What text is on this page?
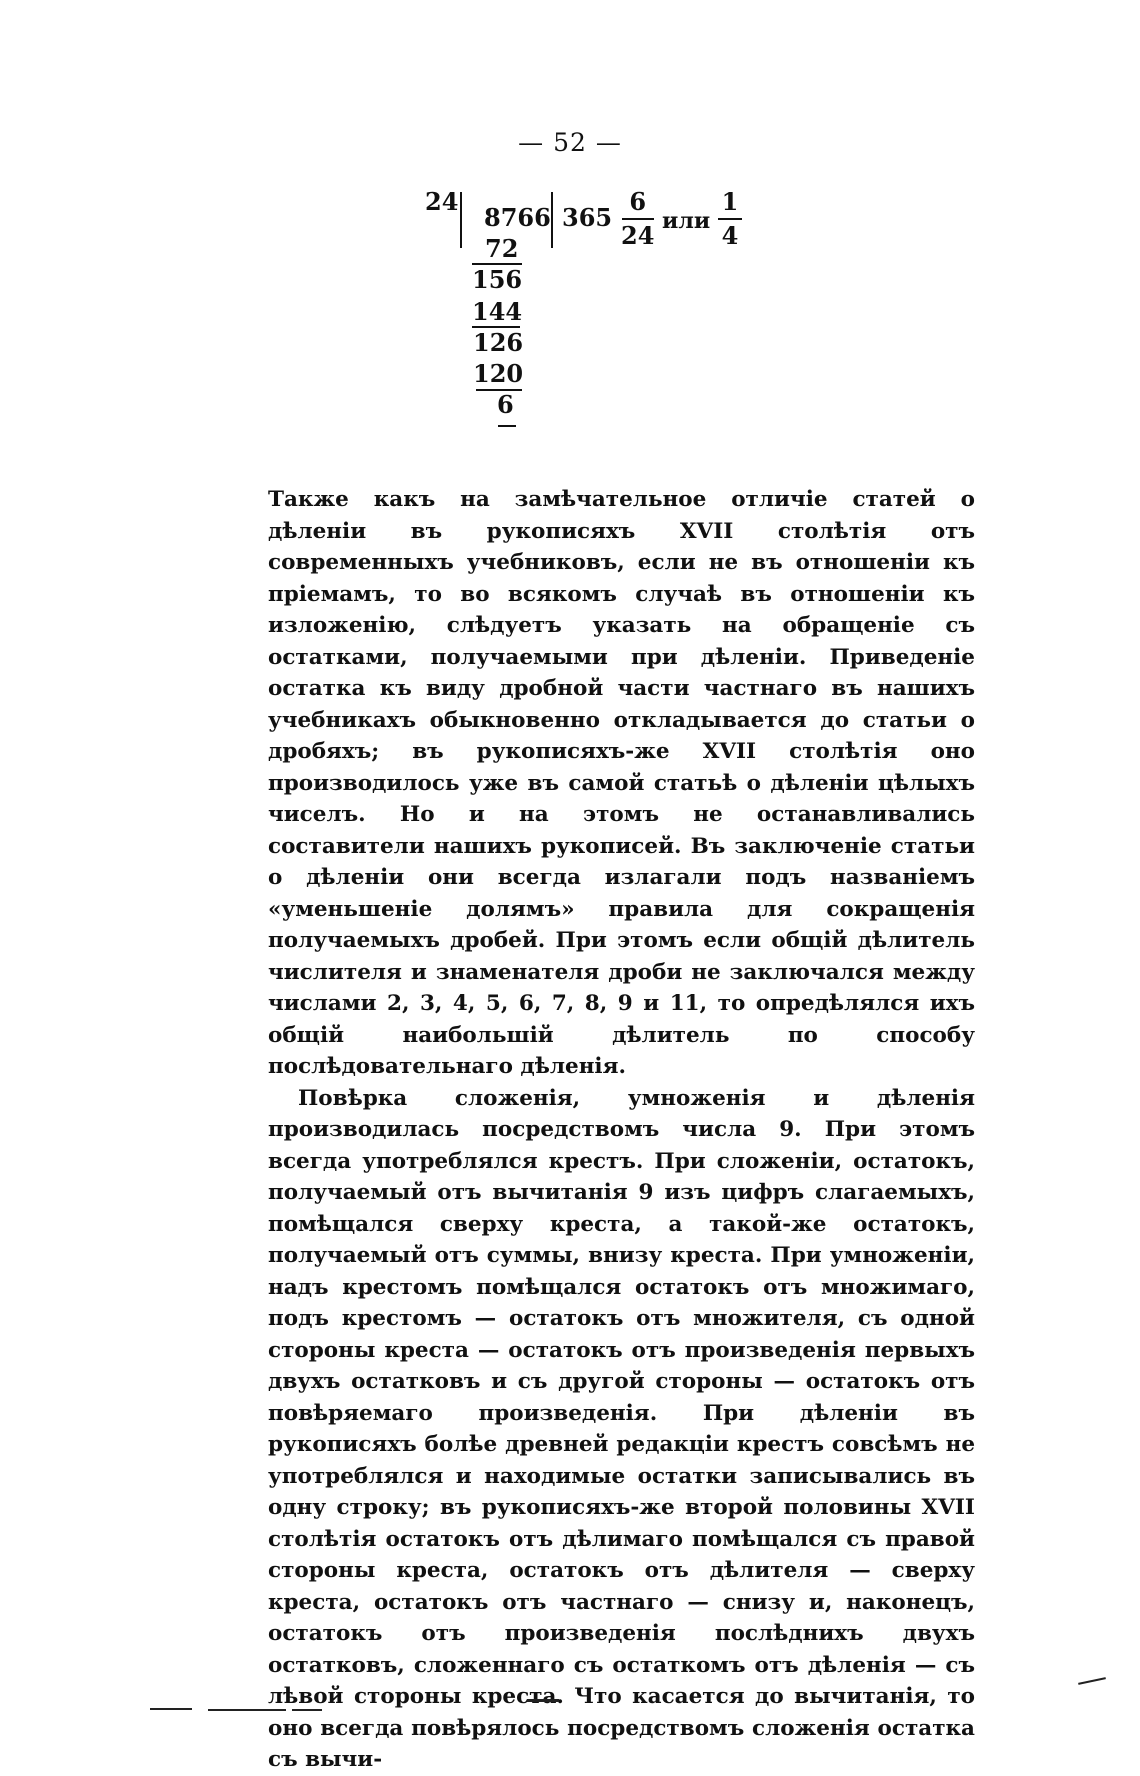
— 52 —
24
8766 365
6
24 или
1
4
72
156
144
126
120
6

Также какъ на замѣчательное отличіе статей о дѣленіи въ рукописяхъ XVII столѣтія отъ современныхъ учебниковъ, если не въ отношеніи къ пріемамъ, то во всякомъ случаѣ въ отношеніи къ изложенію, слѣдуетъ указать на обращеніе съ остатками, получаемыми при дѣленіи. Приведеніе остатка къ виду дробной части частнаго въ нашихъ учебникахъ обыкновенно откладывается до статьи о дробяхъ; въ рукописяхъ-же XVII столѣтія оно производилось уже въ самой статьѣ о дѣленіи цѣлыхъ чиселъ. Но и на этомъ не останавливались составители нашихъ рукописей. Въ заключеніе статьи о дѣленіи они всегда излагали подъ названіемъ «уменьшеніе долямъ» правила для сокращенія получаемыхъ дробей. При этомъ если общій дѣлитель числителя и знаменателя дроби не заключался между числами 2, 3, 4, 5, 6, 7, 8, 9 и 11, то опредѣлялся ихъ общій наибольшій дѣлитель по способу послѣдовательнаго дѣленія.

Повѣрка сложенія, умноженія и дѣленія производилась посредствомъ числа 9. При этомъ всегда употреблялся крестъ. При сложеніи, остатокъ, получаемый отъ вычитанія 9 изъ цифръ слагаемыхъ, помѣщался сверху креста, а такой-же остатокъ, получаемый отъ суммы, внизу креста. При умноженіи, надъ крестомъ помѣщался остатокъ отъ множимаго, подъ крестомъ — остатокъ отъ множителя, съ одной стороны креста — остатокъ отъ произведенія первыхъ двухъ остатковъ и съ другой стороны — остатокъ отъ повѣряемаго произведенія. При дѣленіи въ рукописяхъ болѣе древней редакціи крестъ совсѣмъ не употреблялся и находимые остатки записывались въ одну строку; въ рукописяхъ-же второй половины XVII столѣтія остатокъ отъ дѣлимаго помѣщался съ правой стороны креста, остатокъ отъ дѣлителя — сверху креста, остатокъ отъ частнаго — снизу и, наконецъ, остатокъ отъ произведенія послѣднихъ двухъ остатковъ, сложеннаго съ остаткомъ отъ дѣленія — съ лѣвой стороны креста. Что касается до вычитанія, то оно всегда повѣрялось посредствомъ сложенія остатка съ вычи-
